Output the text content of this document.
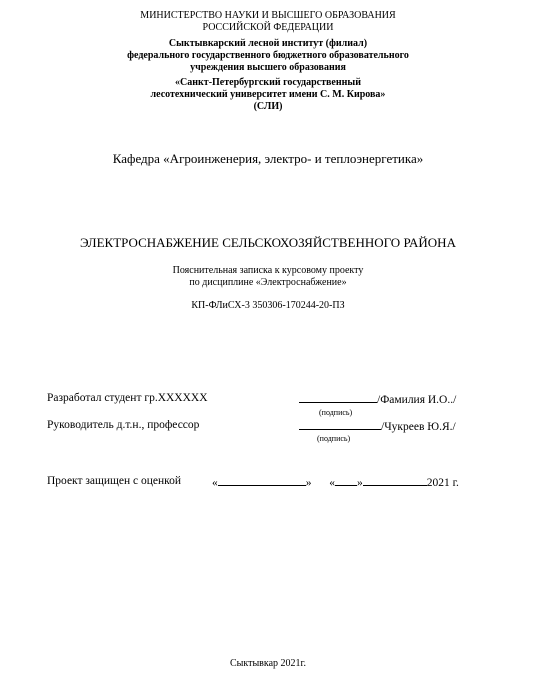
МИНИСТЕРСТВО НАУКИ И ВЫСШЕГО ОБРАЗОВАНИЯ
РОССИЙСКОЙ ФЕДЕРАЦИИ
Сыктывкарский лесной институт (филиал)
федерального государственного бюджетного образовательного
учреждения высшего образования
«Санкт-Петербургский государственный
лесотехнический университет имени С. М. Кирова»
(СЛИ)
Кафедра «Агроинженерия, электро- и теплоэнергетика»
ЭЛЕКТРОСНАБЖЕНИЕ СЕЛЬСКОХОЗЯЙСТВЕННОГО РАЙОНА
Пояснительная записка к курсовому проекту
по дисциплине «Электроснабжение»
КП-ФЛиСХ-3 350306-170244-20-ПЗ
Разработал студент гр.XXXXXX	/Фамилия И.О../
(подпись)
Руководитель д.т.н., профессор	/Чукреев Ю.Я./
(подпись)
Проект защищен с оценкой	«	» « »	2021 г.
Сыктывкар 2021г.
